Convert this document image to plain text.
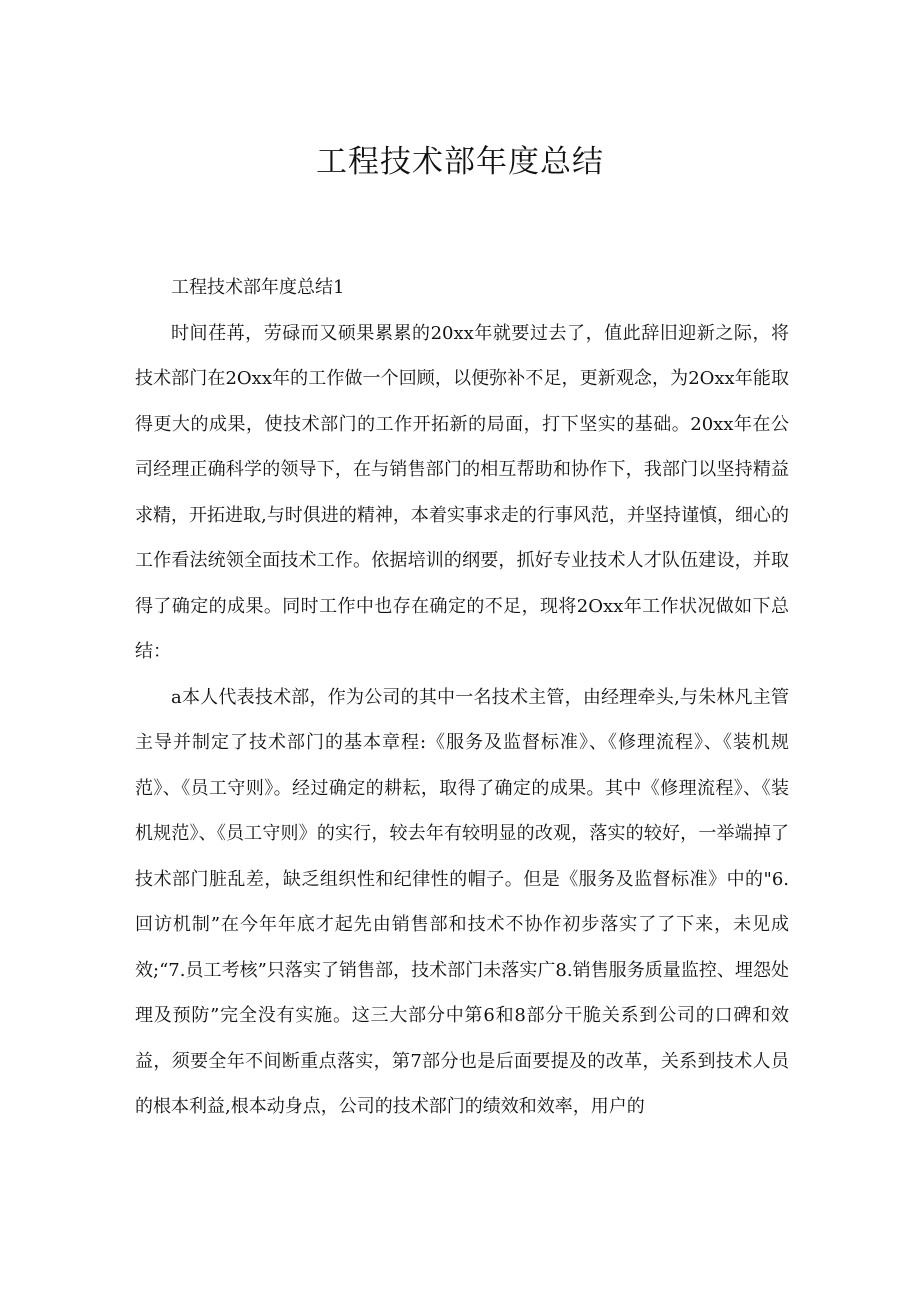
工程技术部年度总结

工程技术部年度总结1

时间荏苒，劳碌而又硕果累累的20xx年就要过去了，值此辞旧迎新之际，将技术部门在2Oxx年的工作做一个回顾，以便弥补不足，更新观念，为2Oxx年能取得更大的成果，使技术部门的工作开拓新的局面，打下坚实的基础。20xx年在公司经理正确科学的领导下，在与销售部门的相互帮助和协作下，我部门以坚持精益求精，开拓进取,与时俱进的精神，本着实事求走的行事风范，并坚持谨慎，细心的工作看法统领全面技术工作。依据培训的纲要，抓好专业技术人才队伍建设，并取得了确定的成果。同时工作中也存在确定的不足，现将2Oxx年工作状况做如下总结：

a本人代表技术部，作为公司的其中一名技术主管，由经理牵头,与朱林凡主管主导并制定了技术部门的基本章程:《服务及监督标准》、《修理流程》、《装机规范》、《员工守则》。经过确定的耕耘，取得了确定的成果。其中《修理流程》、《装机规范》、《员工守则》的实行，较去年有较明显的改观，落实的较好，一举端掉了技术部门脏乱差，缺乏组织性和纪律性的帽子。但是《服务及监督标准》中的"6.回访机制”在今年年底才起先由销售部和技术不协作初步落实了了下来，未见成效;“7.员工考核”只落实了销售部，技术部门未落实广8.销售服务质量监控、埋怨处理及预防”完全没有实施。这三大部分中第6和8部分干脆关系到公司的口碑和效益，须要全年不间断重点落实，第7部分也是后面要提及的改革，关系到技术人员的根本利益,根本动身点，公司的技术部门的绩效和效率，用户的
